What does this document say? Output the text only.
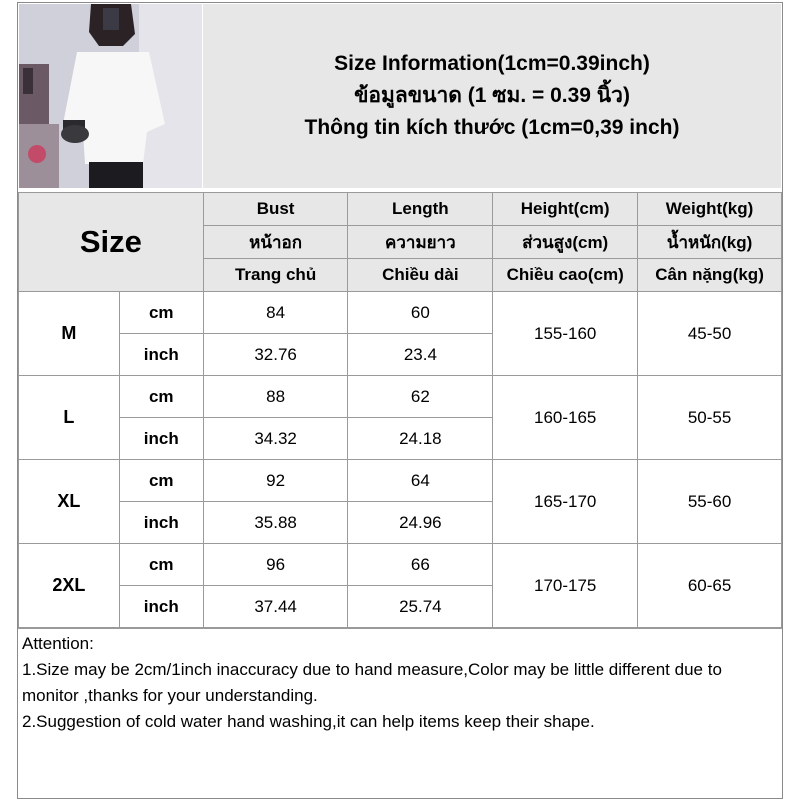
Size Information(1cm=0.39inch)
ข้อมูลขนาด (1 ซม. = 0.39 นิ้ว)
Thông tin kích thước (1cm=0,39 inch)
Size		Bust	Length	Height(cm)	Weight(kg)
		หน้าอก	ความยาว	ส่วนสูง(cm)	น้ำหนัก(kg)
		Trang chủ	Chiều dài	Chiều cao(cm)	Cân nặng(kg)
M	cm	84	60	155-160	45-50
	inch	32.76	23.4		
L	cm	88	62	160-165	50-55
	inch	34.32	24.18		
XL	cm	92	64	165-170	55-60
	inch	35.88	24.96		
2XL	cm	96	66	170-175	60-65
	inch	37.44	25.74		

Attention:

1.Size may be 2cm/1inch inaccuracy due to hand measure,Color may be little different due to monitor ,thanks for your understanding.

2.Suggestion of cold water hand washing,it can help items keep their shape.
